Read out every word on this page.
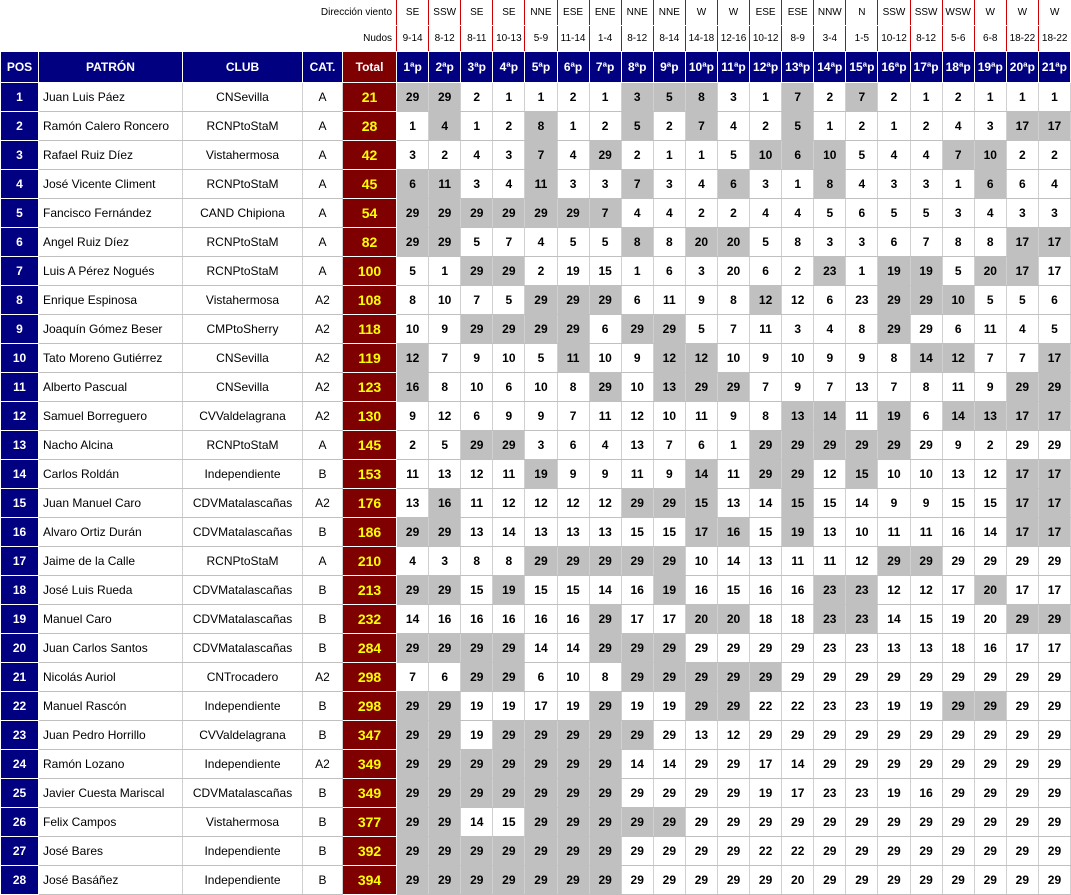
Dirección viento					SE	SSW	SE	SE	NNE	ESE	ENE	NNE	NNE	W	W	ESE	ESE	NNW	N	SSW	SSW	WSW	W	W	W
Nudos					9-14	8-12	8-11	10-13	5-9	11-14	1-4	8-12	8-14	14-18	12-16	10-12	8-9	3-4	1-5	10-12	8-12	5-6	6-8	18-22	18-22
POS	PATRÓN	CLUB	CAT.	Total	1ªp	2ªp	3ªp	4ªp	5ªp	6ªp	7ªp	8ªp	9ªp	10ªp	11ªp	12ªp	13ªp	14ªp	15ªp	16ªp	17ªp	18ªp	19ªp	20ªp	21ªp
1	Juan Luis Páez	CNSevilla	A	21	29	29	2	1	1	2	1	3	5	8	3	1	7	2	7	2	1	2	1	1	1
2	Ramón Calero Roncero	RCNPtoStaM	A	28	1	4	1	2	8	1	2	5	2	7	4	2	5	1	2	1	2	4	3	17	17
3	Rafael Ruiz Díez	Vistahermosa	A	42	3	2	4	3	7	4	29	2	1	1	5	10	6	10	5	4	4	7	10	2	2
4	José Vicente Climent	RCNPtoStaM	A	45	6	11	3	4	11	3	3	7	3	4	6	3	1	8	4	3	3	1	6	6	4
5	Fancisco Fernández	CAND Chipiona	A	54	29	29	29	29	29	29	7	4	4	2	2	4	4	5	6	5	5	3	4	3	3
6	Angel Ruiz Díez	RCNPtoStaM	A	82	29	29	5	7	4	5	5	8	8	20	20	5	8	3	3	6	7	8	8	17	17
7	Luis A Pérez Nogués	RCNPtoStaM	A	100	5	1	29	29	2	19	15	1	6	3	20	6	2	23	1	19	19	5	20	17	17
8	Enrique Espinosa	Vistahermosa	A2	108	8	10	7	5	29	29	29	6	11	9	8	12	12	6	23	29	29	10	5	5	6
9	Joaquín Gómez Beser	CMPtoSherry	A2	118	10	9	29	29	29	29	6	29	29	5	7	11	3	4	8	29	29	6	11	4	5
10	Tato Moreno Gutiérrez	CNSevilla	A2	119	12	7	9	10	5	11	10	9	12	12	10	9	10	9	9	8	14	12	7	7	17
11	Alberto Pascual	CNSevilla	A2	123	16	8	10	6	10	8	29	10	13	29	29	7	9	7	13	7	8	11	9	29	29
12	Samuel Borreguero	CVValdelagrana	A2	130	9	12	6	9	9	7	11	12	10	11	9	8	13	14	11	19	6	14	13	17	17
13	Nacho Alcina	RCNPtoStaM	A	145	2	5	29	29	3	6	4	13	7	6	1	29	29	29	29	29	29	9	2	29	29
14	Carlos Roldán	Independiente	B	153	11	13	12	11	19	9	9	11	9	14	11	29	29	12	15	10	10	13	12	17	17
15	Juan Manuel Caro	CDVMatalascañas	A2	176	13	16	11	12	12	12	12	29	29	15	13	14	15	15	14	9	9	15	15	17	17
16	Alvaro Ortiz Durán	CDVMatalascañas	B	186	29	29	13	14	13	13	13	15	15	17	16	15	19	13	10	11	11	16	14	17	17
17	Jaime de la Calle	RCNPtoStaM	A	210	4	3	8	8	29	29	29	29	29	10	14	13	11	11	12	29	29	29	29	29	29
18	José Luis Rueda	CDVMatalascañas	B	213	29	29	15	19	15	15	14	16	19	16	15	16	16	23	23	12	12	17	20	17	17
19	Manuel Caro	CDVMatalascañas	B	232	14	16	16	16	16	16	29	17	17	20	20	18	18	23	23	14	15	19	20	29	29
20	Juan Carlos Santos	CDVMatalascañas	B	284	29	29	29	29	14	14	29	29	29	29	29	29	29	23	23	13	13	18	16	17	17
21	Nicolás Auriol	CNTrocadero	A2	298	7	6	29	29	6	10	8	29	29	29	29	29	29	29	29	29	29	29	29	29	29
22	Manuel Rascón	Independiente	B	298	29	29	19	19	17	19	29	19	19	29	29	22	22	23	23	19	19	29	29	29	29
23	Juan Pedro Horrillo	CVValdelagrana	B	347	29	29	19	29	29	29	29	29	29	13	12	29	29	29	29	29	29	29	29	29	29
24	Ramón Lozano	Independiente	A2	349	29	29	29	29	29	29	29	14	14	29	29	17	14	29	29	29	29	29	29	29	29
25	Javier Cuesta Mariscal	CDVMatalascañas	B	349	29	29	29	29	29	29	29	29	29	29	29	19	17	23	23	19	16	29	29	29	29
26	Felix Campos	Vistahermosa	B	377	29	29	14	15	29	29	29	29	29	29	29	29	29	29	29	29	29	29	29	29	29
27	José Bares	Independiente	B	392	29	29	29	29	29	29	29	29	29	29	29	22	22	29	29	29	29	29	29	29	29
28	José Basáñez	Independiente	B	394	29	29	29	29	29	29	29	29	29	29	29	29	20	29	29	29	29	29	29	29	29
